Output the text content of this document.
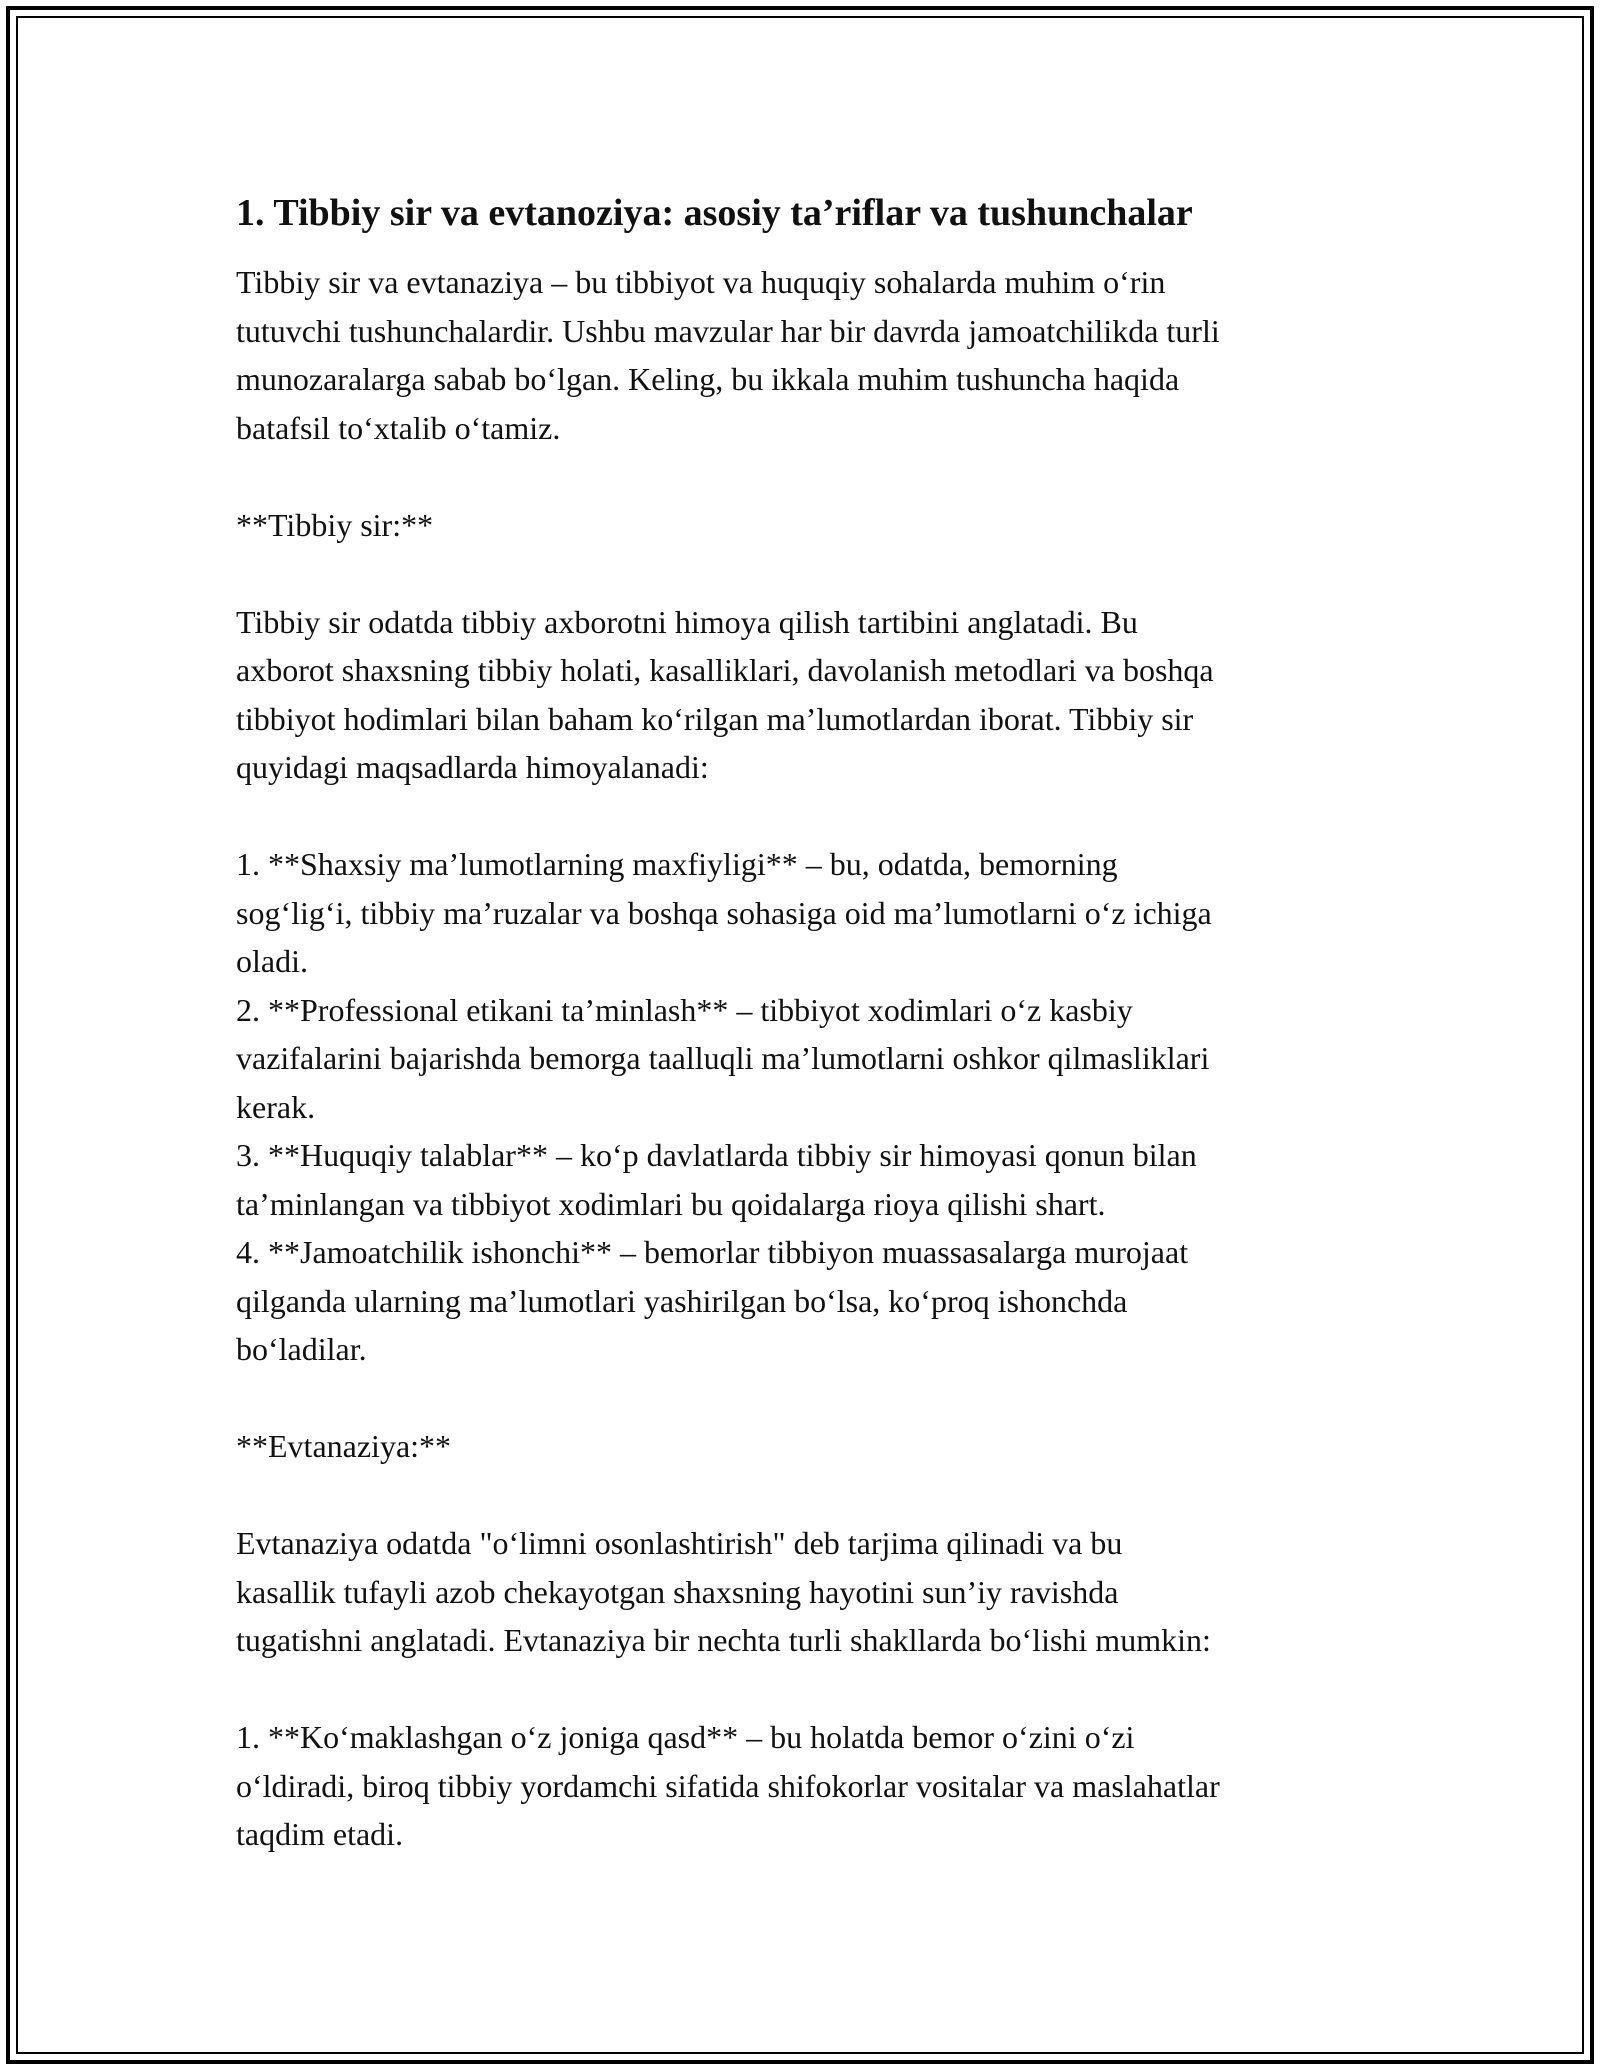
1. Tibbiy sir va evtanoziya: asosiy ta’riflar va tushunchalar
Tibbiy sir va evtanaziya – bu tibbiyot va huquqiy sohalarda muhim o‘rin
tutuvchi tushunchalardir. Ushbu mavzular har bir davrda jamoatchilikda turli
munozaralarga sabab bo‘lgan. Keling, bu ikkala muhim tushuncha haqida
batafsil to‘xtalib o‘tamiz.
**Tibbiy sir:**
Tibbiy sir odatda tibbiy axborotni himoya qilish tartibini anglatadi. Bu
axborot shaxsning tibbiy holati, kasalliklari, davolanish metodlari va boshqa
tibbiyot hodimlari bilan baham ko‘rilgan ma’lumotlardan iborat. Tibbiy sir
quyidagi maqsadlarda himoyalanadi:
1. **Shaxsiy ma’lumotlarning maxfiyligi** – bu, odatda, bemorning
sog‘lig‘i, tibbiy ma’ruzalar va boshqa sohasiga oid ma’lumotlarni o‘z ichiga
oladi.
2. **Professional etikani ta’minlash** – tibbiyot xodimlari o‘z kasbiy
vazifalarini bajarishda bemorga taalluqli ma’lumotlarni oshkor qilmasliklari
kerak.
3. **Huquqiy talablar** – ko‘p davlatlarda tibbiy sir himoyasi qonun bilan
ta’minlangan va tibbiyot xodimlari bu qoidalarga rioya qilishi shart.
4. **Jamoatchilik ishonchi** – bemorlar tibbiyon muassasalarga murojaat
qilganda ularning ma’lumotlari yashirilgan bo‘lsa, ko‘proq ishonchda
bo‘ladilar.
**Evtanaziya:**
Evtanaziya odatda "o‘limni osonlashtirish" deb tarjima qilinadi va bu
kasallik tufayli azob chekayotgan shaxsning hayotini sun’iy ravishda
tugatishni anglatadi. Evtanaziya bir nechta turli shakllarda bo‘lishi mumkin:
1. **Ko‘maklashgan o‘z joniga qasd** – bu holatda bemor o‘zini o‘zi
o‘ldiradi, biroq tibbiy yordamchi sifatida shifokorlar vositalar va maslahatlar
taqdim etadi.
